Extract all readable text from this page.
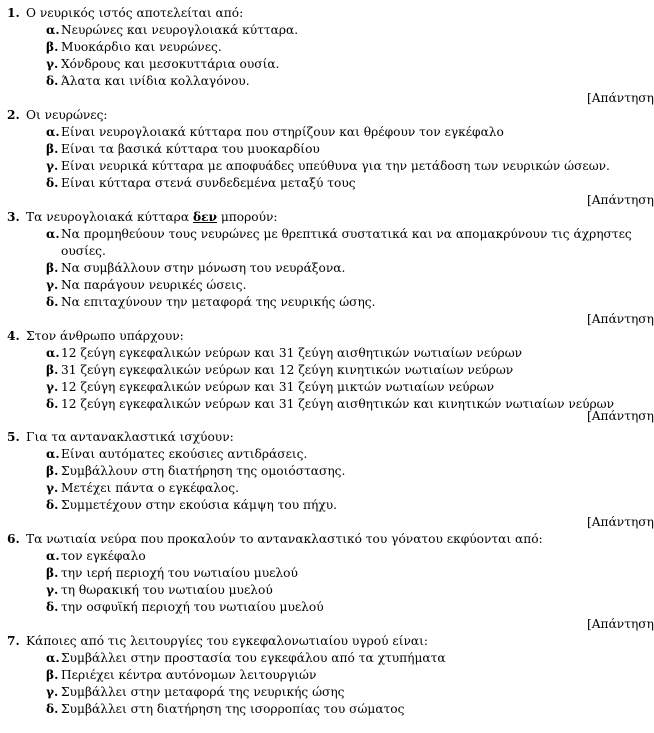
1. Ο νευρικός ιστός αποτελείται από:
α. Νευρώνες και νευρογλοιακά κύτταρα.
β. Μυοκάρδιο και νευρώνες.
γ. Χόνδρους και μεσοκυττάρια ουσία.
δ. Άλατα και ινίδια κολλαγόνου.
[Απάντηση
2. Οι νευρώνες:
α. Είναι νευρογλοιακά κύτταρα που στηρίζουν και θρέφουν τον εγκέφαλο
β. Είναι τα βασικά κύτταρα του μυοκαρδίου
γ. Είναι νευρικά κύτταρα με αποφυάδες υπεύθυνα για την μετάδοση των νευρικών ώσεων.
δ. Είναι κύτταρα στενά συνδεδεμένα μεταξύ τους
[Απάντηση
3. Τα νευρογλοιακά κύτταρα δεν μπορούν:
α. Να προμηθεύουν τους νευρώνες με θρεπτικά συστατικά και να απομακρύνουν τις άχρηστες ουσίες.
β. Να συμβάλλουν στην μόνωση του νευράξονα.
γ. Να παράγουν νευρικές ώσεις.
δ. Να επιταχύνουν την μεταφορά της νευρικής ώσης.
[Απάντηση
4. Στον άνθρωπο υπάρχουν:
α. 12 ζεύγη εγκεφαλικών νεύρων και 31 ζεύγη αισθητικών νωτιαίων νεύρων
β. 31 ζεύγη εγκεφαλικών νεύρων και 12 ζεύγη κινητικών νωτιαίων νεύρων
γ. 12 ζεύγη εγκεφαλικών νεύρων και 31 ζεύγη μικτών νωτιαίων νεύρων
δ. 12 ζεύγη εγκεφαλικών νεύρων και 31 ζεύγη αισθητικών και κινητικών νωτιαίων νεύρων
[Απάντηση
5. Για τα αντανακλαστικά ισχύουν:
α. Είναι αυτόματες εκούσιες αντιδράσεις.
β. Συμβάλλουν στη διατήρηση της ομοιόστασης.
γ. Μετέχει πάντα ο εγκέφαλος.
δ. Συμμετέχουν στην εκούσια κάμψη του πήχυ.
[Απάντηση
6. Τα νωτιαία νεύρα που προκαλούν το αντανακλαστικό του γόνατου εκφύονται από:
α. τον εγκέφαλο
β. την ιερή περιοχή του νωτιαίου μυελού
γ. τη θωρακική του νωτιαίου μυελού
δ. την οσφυϊκή περιοχή του νωτιαίου μυελού
[Απάντηση
7. Κάποιες από τις λειτουργίες του εγκεφαλονωτιαίου υγρού είναι:
α. Συμβάλλει στην προστασία του εγκεφάλου από τα χτυπήματα
β. Περιέχει κέντρα αυτόνομων λειτουργιών
γ. Συμβάλλει στην μεταφορά της νευρικής ώσης
δ. Συμβάλλει στη διατήρηση της ισορροπίας του σώματος
